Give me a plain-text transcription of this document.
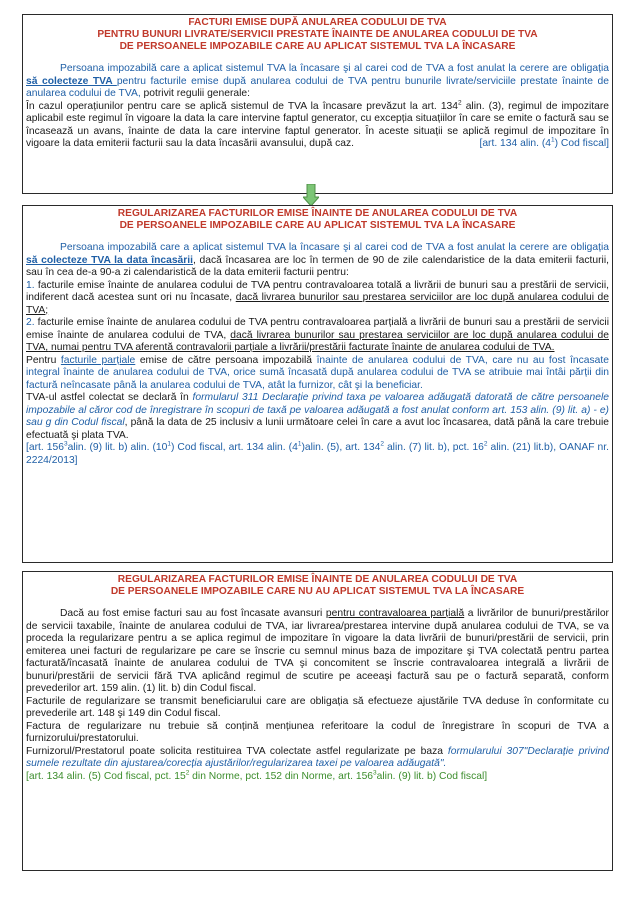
FACTURI EMISE DUPĂ ANULAREA CODULUI DE TVA
PENTRU BUNURI LIVRATE/SERVICII PRESTATE ÎNAINTE DE ANULAREA CODULUI DE TVA
DE PERSOANELE IMPOZABILE CARE AU APLICAT SISTEMUL TVA LA ÎNCASARE

Persoana impozabilă care a aplicat sistemul TVA la încasare şi al carei cod de TVA a fost anulat la cerere are obligația să colecteze TVA pentru facturile emise după anularea codului de TVA pentru bunurile livrate/serviciile prestate înainte de anularea codului de TVA, potrivit regulii generale:

În cazul operațiunilor pentru care se aplică sistemul de TVA la încasare prevăzut la art. $134^2$ alin. (3), regimul de impozitare aplicabil este regimul în vigoare la data la care intervine faptul generator, cu excepția situațiilor în care se emite o factură sau se încasează un avans, înainte de data la care intervine faptul generator. În aceste situații se aplică regimul de impozitare în vigoare la data emiterii facturii sau la data încasării avansului, după caz.	[art. 134 alin. $(4^1)$ Cod fiscal]

REGULARIZAREA FACTURILOR EMISE ÎNAINTE DE ANULAREA CODULUI DE TVA
DE PERSOANELE IMPOZABILE CARE AU APLICAT SISTEMUL TVA LA ÎNCASARE

Persoana impozabilă care a aplicat sistemul TVA la încasare şi al carei cod de TVA a fost anulat la cerere are obligația să colecteze TVA la data încasării, dacă încasarea are loc în termen de 90 de zile calendaristice de la data emiterii facturii, sau în cea de-a 90-a zi calendaristică de la data emiterii facturii pentru:

1. facturile emise înainte de anularea codului de TVA pentru contravaloarea totală a livrării de bunuri sau a prestării de servicii, indiferent dacă acestea sunt ori nu încasate, dacă livrarea bunurilor sau prestarea serviciilor are loc după anularea codului de TVA;

2. facturile emise înainte de anularea codului de TVA pentru contravaloarea parțială a livrării de bunuri sau a prestării de servicii emise înainte de anularea codului de TVA, dacă livrarea bunurilor sau prestarea serviciilor are loc după anularea codului de TVA, numai pentru TVA aferentă contravalorii parțiale a livrării/prestării facturate înainte de anularea codului de TVA.

Pentru facturile parțiale emise de către persoana impozabilă înainte de anularea codului de TVA, care nu au fost încasate integral înainte de anularea codului de TVA, orice sumă încasată după anularea codului de TVA se atribuie mai întâi părții din factură neîncasate până la anularea codului de TVA, atât la furnizor, cât şi la beneficiar.

TVA-ul astfel colectat se declară în formularul 311 Declarație privind taxa pe valoarea adăugată datorată de către persoanele impozabile al căror cod de înregistrare în scopuri de taxă pe valoarea adăugată a fost anulat conform art. 153 alin. (9) lit. a) - e) sau g din Codul fiscal, până la data de 25 inclusiv a lunii următoare celei în care a avut loc încasarea, dată până la care trebuie efectuată şi plata TVA.

[art. $156^3alin$. (9) lit. b) alin. $(10^1)$ Cod fiscal, art. 134 alin. $(4^1)alin$. (5), art. $134^2$ alin. (7) lit. b), pct. $16^2$ alin. (21) lit.b), OANAF nr. 2224/2013]

REGULARIZAREA FACTURILOR EMISE ÎNAINTE DE ANULAREA CODULUI DE TVA
DE PERSOANELE IMPOZABILE CARE NU AU APLICAT SISTEMUL TVA LA ÎNCASARE

Dacă au fost emise facturi sau au fost încasate avansuri pentru contravaloarea parțială a livrărilor de bunuri/prestărilor de servicii taxabile, înainte de anularea codului de TVA, iar livrarea/prestarea intervine după anularea codului de TVA, se va proceda la regularizare pentru a se aplica regimul de impozitare în vigoare la data livrării de bunuri/prestării de servicii, prin emiterea unei facturi de regularizare pe care se înscrie cu semnul minus baza de impozitare şi TVA colectată pentru partea facturată/încasată înainte de anularea codului de TVA şi concomitent se înscrie contravaloarea integrală a livrării de bunuri/prestării de servicii fără TVA aplicând regimul de scutire pe aceeaşi factură sau pe o factură separată, conform prevederilor art. 159 alin. (1) lit. b) din Codul fiscal.

Facturile de regularizare se transmit beneficiarului care are obligația să efectueze ajustările TVA deduse în conformitate cu prevederile art. 148 şi 149 din Codul fiscal.

Factura de regularizare nu trebuie să conțină mențiunea referitoare la codul de înregistrare în scopuri de TVA a furnizorului/prestatorului.

Furnizorul/Prestatorul poate solicita restituirea TVA colectate astfel regularizate pe baza formularului 307"Declarație privind sumele rezultate din ajustarea/corecția ajustărilor/regularizarea taxei pe valoarea adăugată".

[art. 134 alin. (5) Cod fiscal, pct. $15^2$ din Norme, pct. 152 din Norme, art. $156^3alin$. (9) lit. b) Cod fiscal]
